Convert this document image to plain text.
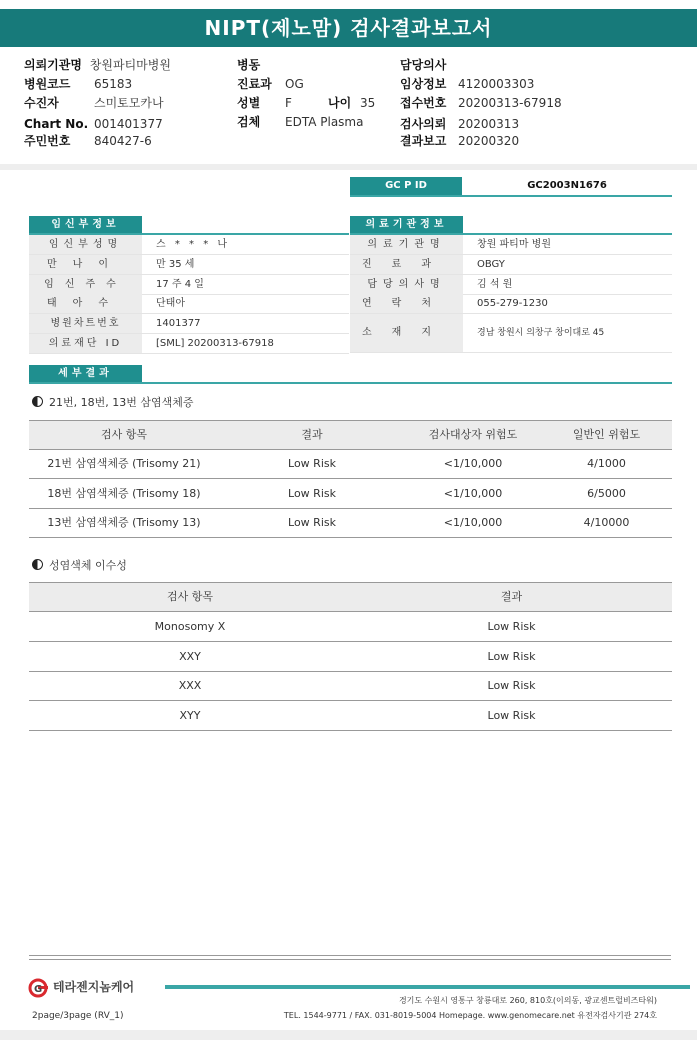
NIPT(제노맘) 검사결과보고서
의뢰기관명 창원파티마병원
병원코드 65183
수진자	스미토모카나
Chart No. 001401377
주민번호 840427-6
병동
진료과 OG
성별 F	나이 35
검체 EDTA Plasma
담당의사
임상정보 4120003303
접수번호 20200313-67918
검사의뢰 20200313
결과보고 20200320
GC P ID	GC2003N1676
임신부정보
임신부성명	스 * * * 나
만나이	만 35 세
임신주수	17 주 4 일
태아수	단태아
병원차트번호	1401377
의료재단 ID	[SML] 20200313-67918
의료기관정보
의료기관명	창원 파티마 병원
진료과	OBGY
담당의사명	김 석 원
연락처	055-279-1230
소재지	경남 창원시 의창구 창이대로 45
세부결과
21번, 18번, 13번 삼염색체증
검사 항목	결과	검사대상자 위험도	일반인 위험도
21번 삼염색체증 (Trisomy 21)	Low Risk	<1/10,000	4/1000
18번 삼염색체증 (Trisomy 18)	Low Risk	<1/10,000	6/5000
13번 삼염색체증 (Trisomy 13)	Low Risk	<1/10,000	4/10000
성염색체 이수성
검사 항목	결과
Monosomy X	Low Risk
XXY	Low Risk
XXX	Low Risk
XYY	Low Risk
G 테라젠지놈케어
경기도 수원시 영통구 창룡대로 260, 810호(이의동, 광교센트럴비즈타워)
TEL. 1544-9771 / FAX. 031-8019-5004 Homepage. www.genomecare.net 유전자검사기관 274호
2page/3page (RV_1)
